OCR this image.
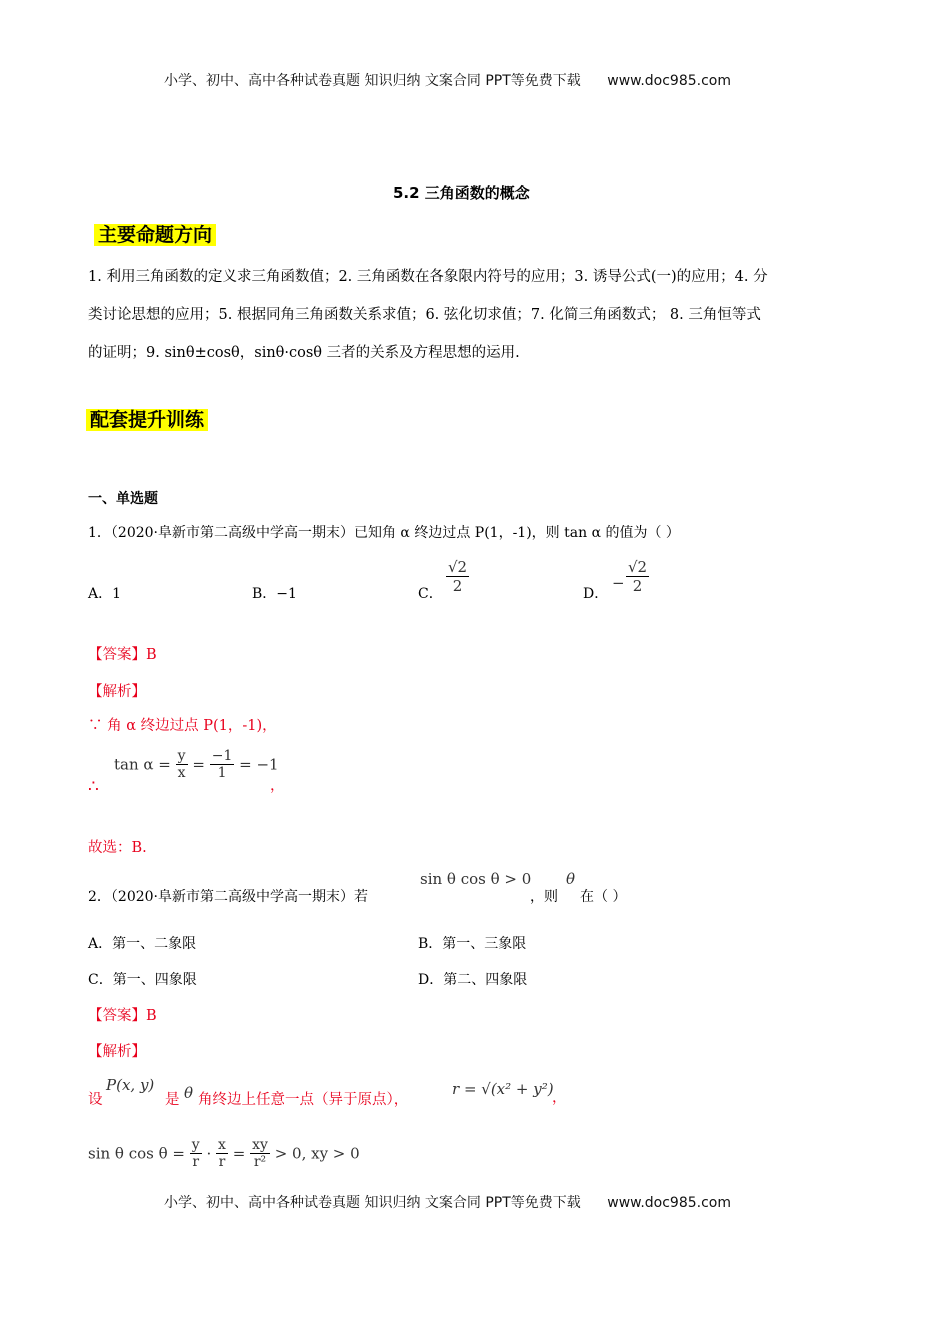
小学、初中、高中各种试卷真题 知识归纳 文案合同 PPT等免费下载 www.doc985.com
5.2 三角函数的概念
主要命题方向
1. 利用三角函数的定义求三角函数值；2. 三角函数在各象限内符号的应用；3. 诱导公式(一)的应用；4. 分
类讨论思想的应用；5. 根据同角三角函数关系求值；6. 弦化切求值；7. 化简三角函数式； 8. 三角恒等式
的证明；9. sinθ±cosθ，sinθ·cosθ 三者的关系及方程思想的运用.
配套提升训练
一、单选题
1．（2020·阜新市第二高级中学高一期末）已知角 α 终边过点 P(1，-1)，则 tan α 的值为（ ）
A．1	B．−1	C． $\frac{√2}{2}$	D．
− $\frac{√2}{2}$
【答案】B
【解析】
∵ 角 α 终边过点 P(1，-1)，
∴
$\tan \alpha = \frac{y}{x} = \frac{-1}{1} = -1$
，
故选：B.
2．（2020·阜新市第二高级中学高一期末）若
sin θ cos θ > 0
，则
θ
在（ ）
A．第一、二象限	B．第一、三象限
C．第一、四象限	D．第二、四象限
【答案】B
【解析】
设
P(x, y)
是 θ 角终边上任意一点（异于原点），
r = √(x² + y²)
，
sin θ $\cos \theta = \frac{y}{r} \cdot \frac{x}{r} = \frac{xy}{\text{r²}} > 0$, xy > 0
小学、初中、高中各种试卷真题 知识归纳 文案合同 PPT等免费下载 www.doc985.com
